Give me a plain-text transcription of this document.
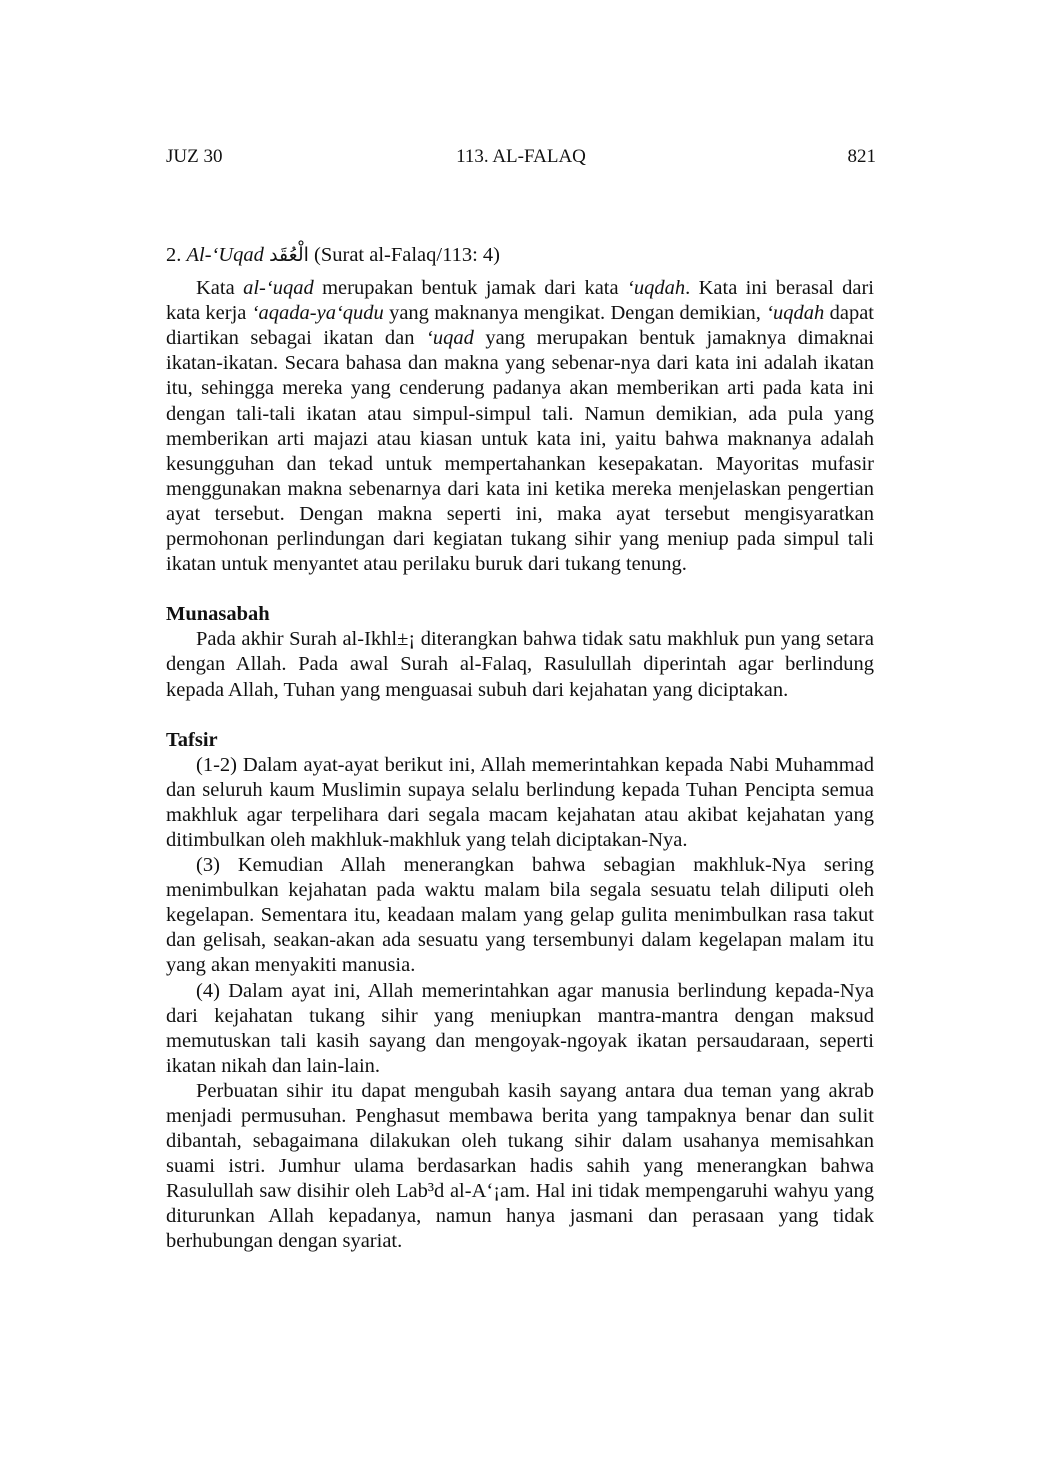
JUZ 30	113. AL-FALAQ	821

2. Al-‘Uqad الْعُقَد (Surat al-Falaq/113: 4)

Kata al-‘uqad merupakan bentuk jamak dari kata ‘uqdah. Kata ini berasal dari kata kerja ‘aqada-ya‘qudu yang maknanya mengikat. Dengan demikian, ‘uqdah dapat diartikan sebagai ikatan dan ‘uqad yang merupakan bentuk jamaknya dimaknai ikatan-ikatan. Secara bahasa dan makna yang sebenar-nya dari kata ini adalah ikatan itu, sehingga mereka yang cenderung padanya akan memberikan arti pada kata ini dengan tali-tali ikatan atau simpul-simpul tali. Namun demikian, ada pula yang memberikan arti majazi atau kiasan untuk kata ini, yaitu bahwa maknanya adalah kesungguhan dan tekad untuk mempertahankan kesepakatan. Mayoritas mufasir menggunakan makna sebenarnya dari kata ini ketika mereka menjelaskan pengertian ayat tersebut. Dengan makna seperti ini, maka ayat tersebut mengisyaratkan permohonan perlindungan dari kegiatan tukang sihir yang meniup pada simpul tali ikatan untuk menyantet atau perilaku buruk dari tukang tenung.

Munasabah

Pada akhir Surah al-Ikhl±¡ diterangkan bahwa tidak satu makhluk pun yang setara dengan Allah. Pada awal Surah al-Falaq, Rasulullah diperintah agar berlindung kepada Allah, Tuhan yang menguasai subuh dari kejahatan yang diciptakan.

Tafsir

(1-2) Dalam ayat-ayat berikut ini, Allah memerintahkan kepada Nabi Muhammad dan seluruh kaum Muslimin supaya selalu berlindung kepada Tuhan Pencipta semua makhluk agar terpelihara dari segala macam kejahatan atau akibat kejahatan yang ditimbulkan oleh makhluk-makhluk yang telah diciptakan-Nya.

(3) Kemudian Allah menerangkan bahwa sebagian makhluk-Nya sering menimbulkan kejahatan pada waktu malam bila segala sesuatu telah diliputi oleh kegelapan. Sementara itu, keadaan malam yang gelap gulita menimbulkan rasa takut dan gelisah, seakan-akan ada sesuatu yang tersembunyi dalam kegelapan malam itu yang akan menyakiti manusia.

(4) Dalam ayat ini, Allah memerintahkan agar manusia berlindung kepada-Nya dari kejahatan tukang sihir yang meniupkan mantra-mantra dengan maksud memutuskan tali kasih sayang dan mengoyak-ngoyak ikatan persaudaraan, seperti ikatan nikah dan lain-lain.

Perbuatan sihir itu dapat mengubah kasih sayang antara dua teman yang akrab menjadi permusuhan. Penghasut membawa berita yang tampaknya benar dan sulit dibantah, sebagaimana dilakukan oleh tukang sihir dalam usahanya memisahkan suami istri. Jumhur ulama berdasarkan hadis sahih yang menerangkan bahwa Rasulullah saw disihir oleh Lab³d al-A‘¡am. Hal ini tidak mempengaruhi wahyu yang diturunkan Allah kepadanya, namun hanya jasmani dan perasaan yang tidak berhubungan dengan syariat.
